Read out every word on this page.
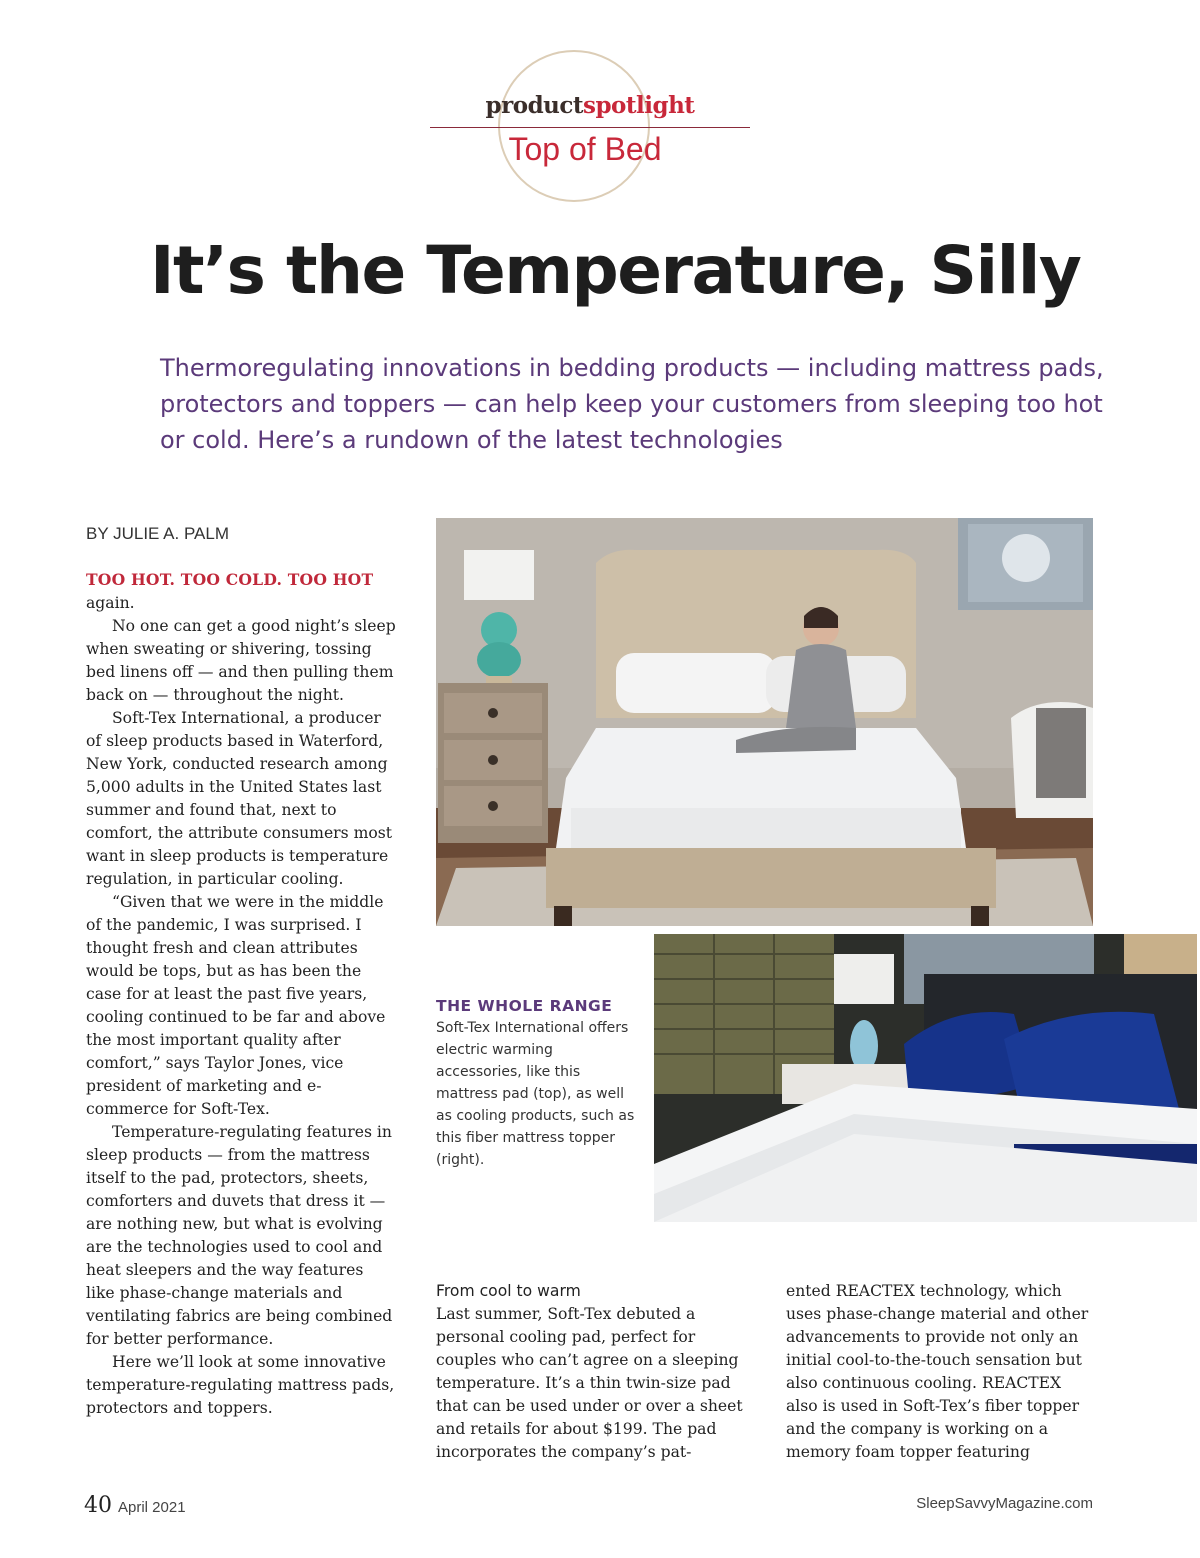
productspotlight
Top of Bed
It’s the Temperature, Silly
Thermoregulating innovations in bedding products — including mattress pads, protectors and toppers — can help keep your customers from sleeping too hot or cold. Here’s a rundown of the latest technologies
BY JULIE A. PALM

TOO HOT. TOO COLD. TOO HOT again.

No one can get a good night’s sleep when sweating or shivering, tossing bed linens off — and then pulling them back on — throughout the night.

Soft-Tex International, a producer of sleep products based in Waterford, New York, conducted research among 5,000 adults in the United States last summer and found that, next to comfort, the attribute consumers most want in sleep products is temperature regulation, in particular cooling.

“Given that we were in the middle of the pandemic, I was surprised. I thought fresh and clean attributes would be tops, but as has been the case for at least the past five years, cooling continued to be far and above the most important quality after comfort,” says Taylor Jones, vice president of marketing and e-commerce for Soft-Tex.

Temperature-regulating features in sleep products — from the mattress itself to the pad, protectors, sheets, comforters and duvets that dress it — are nothing new, but what is evolving are the technologies used to cool and heat sleepers and the way features like phase-change materials and ventilating fabrics are being combined for better performance.

Here we’ll look at some innovative temperature-regulating mattress pads, protectors and toppers.

THE WHOLE RANGE
Soft-Tex International offers electric warming accessories, like this mattress pad (top), as well as cooling products, such as this fiber mattress topper (right).
From cool to warm

Last summer, Soft-Tex debuted a personal cooling pad, perfect for couples who can’t agree on a sleeping temperature. It’s a thin twin-size pad that can be used under or over a sheet and retails for about $199. The pad incorporates the company’s pat-

ented REACTEX technology, which uses phase-change material and other advancements to provide not only an initial cool-to-the-touch sensation but also continuous cooling. REACTEX also is used in Soft-Tex’s fiber topper and the company is working on a memory foam topper featuring

40 April 2021	SleepSavvyMagazine.com
